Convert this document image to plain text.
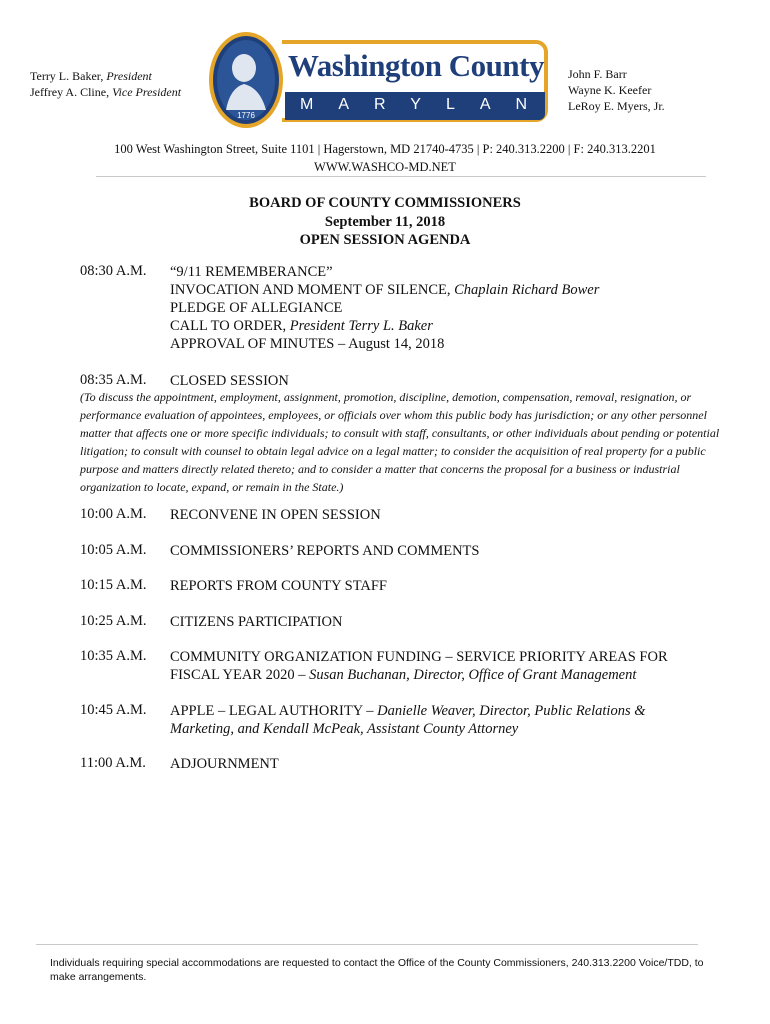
Terry L. Baker, President
Jeffrey A. Cline, Vice President
John F. Barr
Wayne K. Keefer
LeRoy E. Myers, Jr.
1776
Washington County
MARYLAND
100 West Washington Street, Suite 1101 | Hagerstown, MD 21740-4735 | P: 240.313.2200 | F: 240.313.2201
WWW.WASHCO-MD.NET
BOARD OF COUNTY COMMISSIONERS
September 11, 2018
OPEN SESSION AGENDA
08:30 A.M. “9/11 REMEMBERANCE”
INVOCATION AND MOMENT OF SILENCE, Chaplain Richard Bower
PLEDGE OF ALLEGIANCE
CALL TO ORDER, President Terry L. Baker
APPROVAL OF MINUTES – August 14, 2018
08:35 A.M. CLOSED SESSION
(To discuss the appointment, employment, assignment, promotion, discipline, demotion, compensation, removal, resignation, or performance evaluation of appointees, employees, or officials over whom this public body has jurisdiction; or any other personnel matter that affects one or more specific individuals; to consult with staff, consultants, or other individuals about pending or potential litigation; to consult with counsel to obtain legal advice on a legal matter; to consider the acquisition of real property for a public purpose and matters directly related thereto; and to consider a matter that concerns the proposal for a business or industrial organization to locate, expand, or remain in the State.)
10:00 A.M. RECONVENE IN OPEN SESSION
10:05 A.M. COMMISSIONERS’ REPORTS AND COMMENTS
10:15 A.M. REPORTS FROM COUNTY STAFF
10:25 A.M. CITIZENS PARTICIPATION
10:35 A.M. COMMUNITY ORGANIZATION FUNDING – SERVICE PRIORITY AREAS FOR
FISCAL YEAR 2020 – Susan Buchanan, Director, Office of Grant Management
10:45 A.M. APPLE – LEGAL AUTHORITY – Danielle Weaver, Director, Public Relations &
Marketing, and Kendall McPeak, Assistant County Attorney
11:00 A.M. ADJOURNMENT
Individuals requiring special accommodations are requested to contact the Office of the County Commissioners, 240.313.2200 Voice/TDD, to make arrangements.
